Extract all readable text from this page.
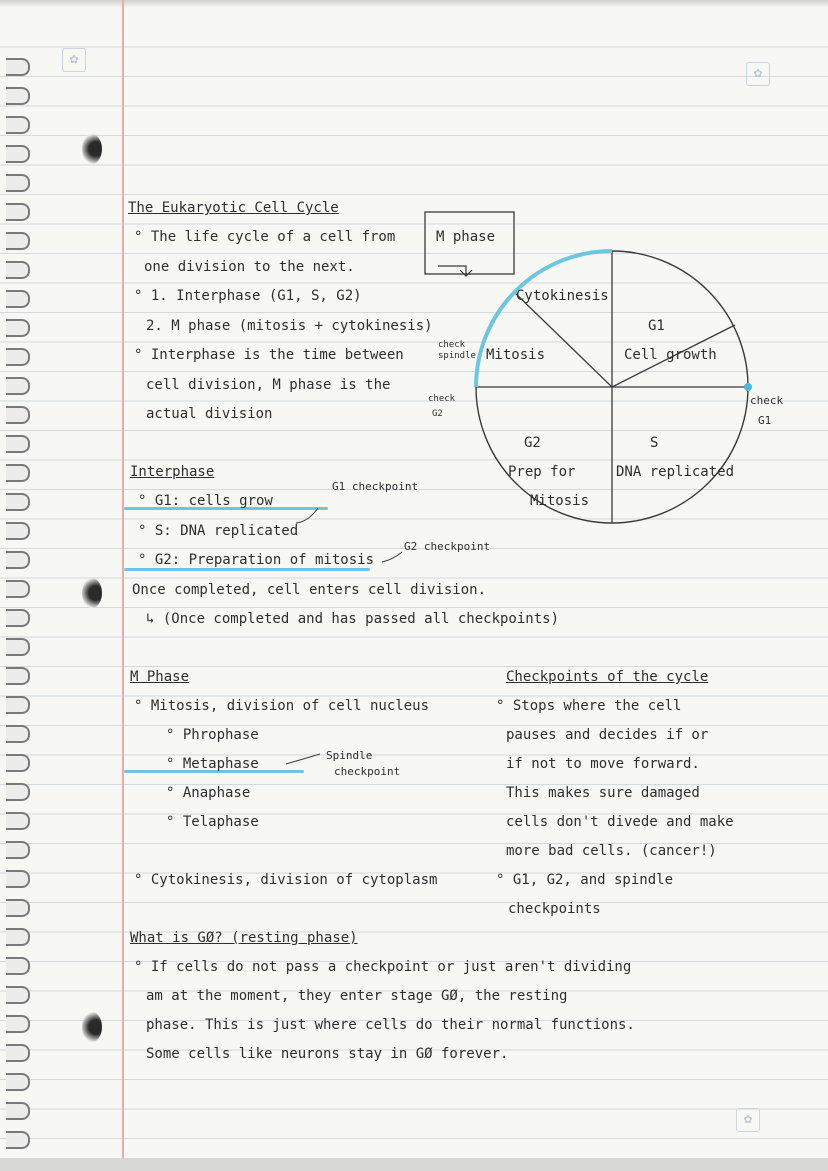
✿
✿
✿
The Eukaryotic Cell Cycle
° The life cycle of a cell from
one division to the next.
° 1. Interphase (G1, S, G2)
2. M phase (mitosis + cytokinesis)
° Interphase is the time between
cell division, M phase is the
actual division
M phase
Cytokinesis
Mitosis
G1
Cell growth
G2
Prep for
Mitosis
S
DNA replicated
check
spindle
check
G2
check
G1
Interphase
° G1: cells grow
G1 checkpoint
° S: DNA replicated
° G2: Preparation of mitosis
G2 checkpoint
Once completed, cell enters cell division.
↳ (Once completed and has passed all checkpoints)
M Phase
° Mitosis, division of cell nucleus
° Phrophase
° Metaphase
° Anaphase
° Telaphase
Spindle
checkpoint
° Cytokinesis, division of cytoplasm
Checkpoints of the cycle
° Stops where the cell
pauses and decides if or
if not to move forward.
This makes sure damaged
cells don't divede and make
more bad cells. (cancer!)
° G1, G2, and spindle
checkpoints
What is GØ? (resting phase)
° If cells do not pass a checkpoint or just aren't dividing
am at the moment, they enter stage GØ, the resting
phase. This is just where cells do their normal functions.
Some cells like neurons stay in GØ forever.
